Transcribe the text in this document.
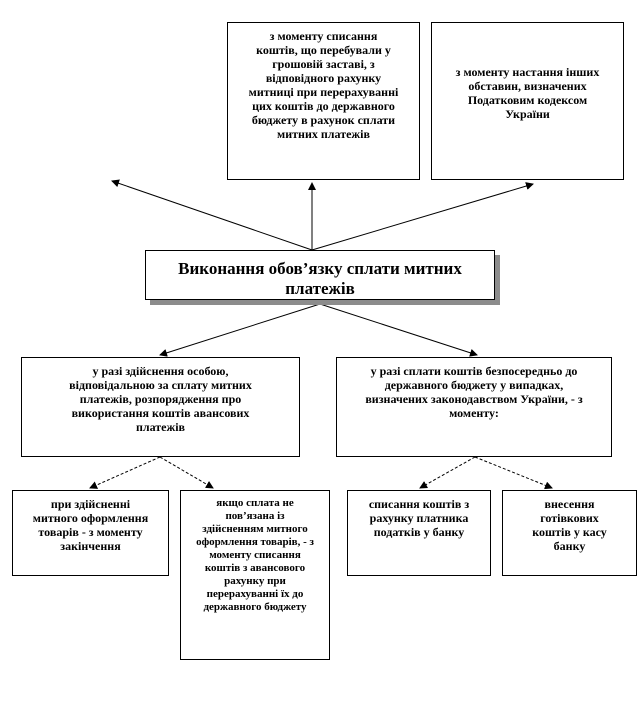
з моменту списання
коштів, що перебували у
грошовій заставі, з
відповідного рахунку
митниці при перерахуванні
цих коштів до державного
бюджету в рахунок сплати
митних платежів
з моменту настання інших
обставин, визначених
Податковим кодексом
України
Виконання обов’язку сплати митних платежів
у разі здійснення особою,
відповідальною за сплату митних
платежів, розпорядження про
використання коштів авансових
платежів
у разі сплати коштів безпосередньо до
державного бюджету у випадках,
визначених законодавством України, - з
моменту:
при здійсненні
митного оформлення
товарів - з моменту
закінчення
якщо сплата не
пов’язана із
здійсненням митного
оформлення товарів, - з
моменту списання
коштів з авансового
рахунку при
перерахуванні їх до
державного бюджету
списання коштів з
рахунку платника
податків у банку
внесення
готівкових
коштів у касу
банку
